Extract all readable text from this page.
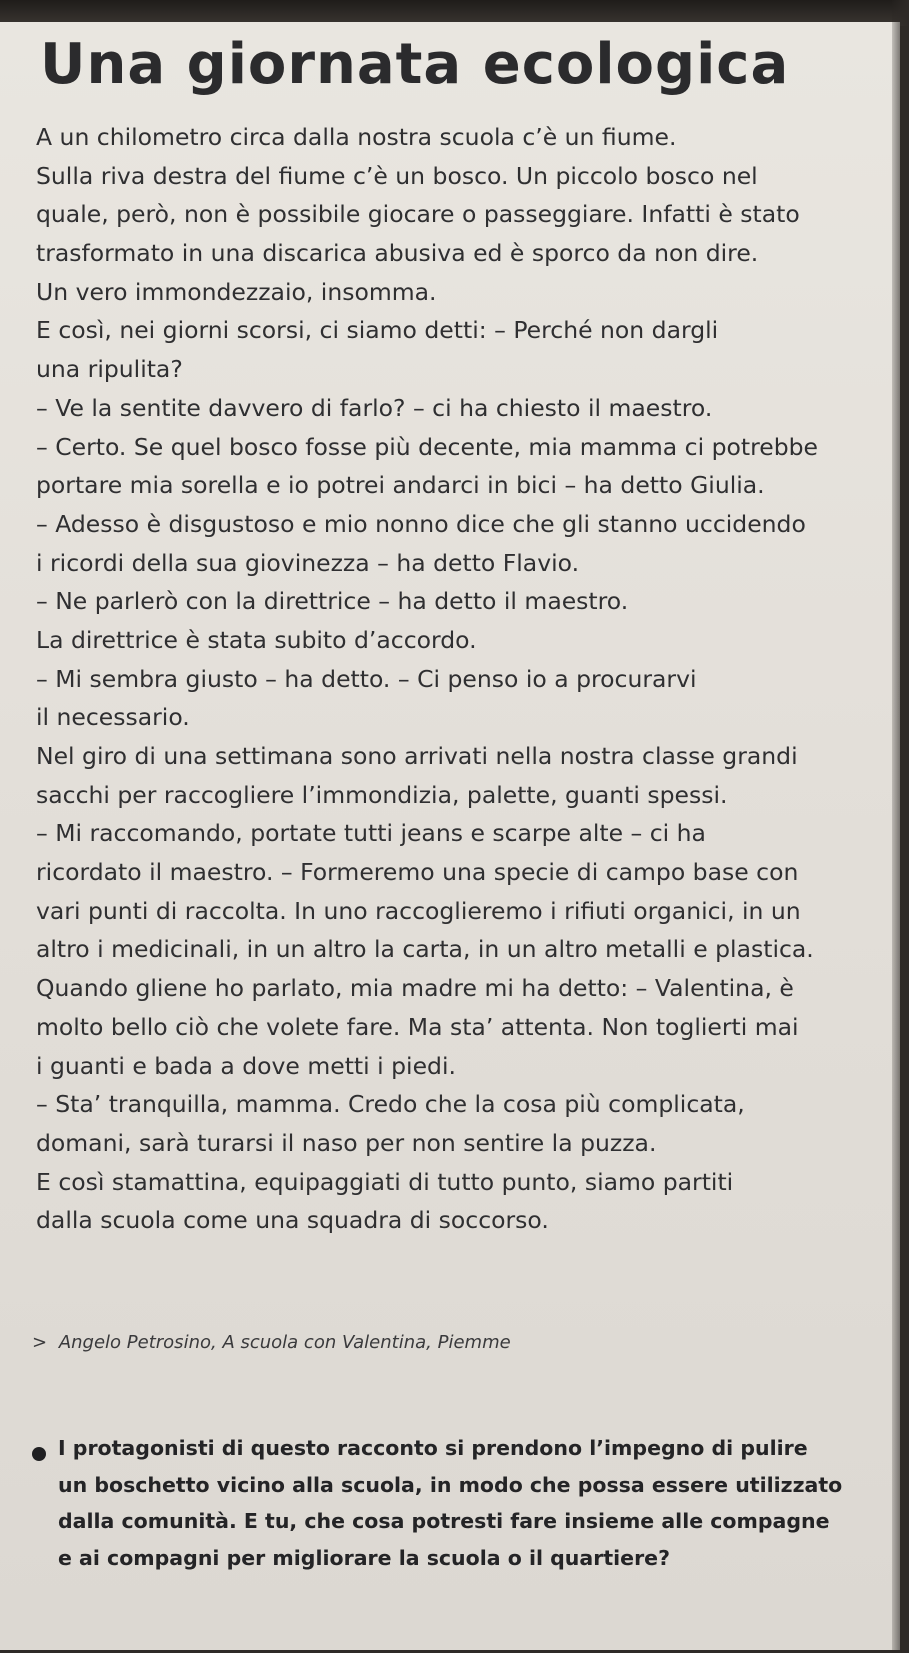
Una giornata ecologica

A un chilometro circa dalla nostra scuola c’è un fiume.

Sulla riva destra del fiume c’è un bosco. Un piccolo bosco nel

quale, però, non è possibile giocare o passeggiare. Infatti è stato

trasformato in una discarica abusiva ed è sporco da non dire.

Un vero immondezzaio, insomma.

E così, nei giorni scorsi, ci siamo detti: – Perché non dargli

una ripulita?

– Ve la sentite davvero di farlo? – ci ha chiesto il maestro.

– Certo. Se quel bosco fosse più decente, mia mamma ci potrebbe

portare mia sorella e io potrei andarci in bici – ha detto Giulia.

– Adesso è disgustoso e mio nonno dice che gli stanno uccidendo

i ricordi della sua giovinezza – ha detto Flavio.

– Ne parlerò con la direttrice – ha detto il maestro.

La direttrice è stata subito d’accordo.

– Mi sembra giusto – ha detto. – Ci penso io a procurarvi

il necessario.

Nel giro di una settimana sono arrivati nella nostra classe grandi

sacchi per raccogliere l’immondizia, palette, guanti spessi.

– Mi raccomando, portate tutti jeans e scarpe alte – ci ha

ricordato il maestro. – Formeremo una specie di campo base con

vari punti di raccolta. In uno raccoglieremo i rifiuti organici, in un

altro i medicinali, in un altro la carta, in un altro metalli e plastica.

Quando gliene ho parlato, mia madre mi ha detto: – Valentina, è

molto bello ciò che volete fare. Ma sta’ attenta. Non toglierti mai

i guanti e bada a dove metti i piedi.

– Sta’ tranquilla, mamma. Credo che la cosa più complicata,

domani, sarà turarsi il naso per non sentire la puzza.

E così stamattina, equipaggiati di tutto punto, siamo partiti

dalla scuola come una squadra di soccorso.

> Angelo Petrosino, A scuola con Valentina, Piemme

I protagonisti di questo racconto si prendono l’impegno di pulire

un boschetto vicino alla scuola, in modo che possa essere utilizzato

dalla comunità. E tu, che cosa potresti fare insieme alle compagne

e ai compagni per migliorare la scuola o il quartiere?
